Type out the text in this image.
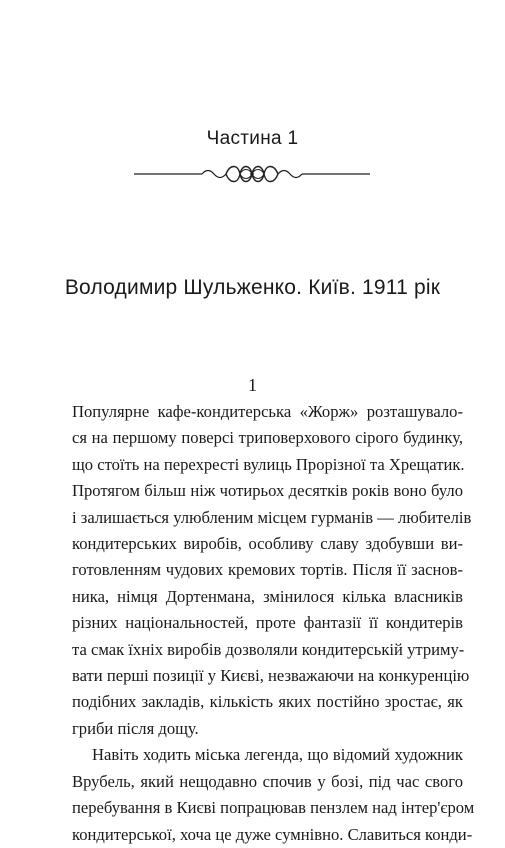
Частина 1
Володимир Шульженко. Київ. 1911 рік
1
Популярне кафе-кондитерська «Жорж» розташувало-
ся на першому поверсі триповерхового сірого будинку,
що стоїть на перехресті вулиць Прорізної та Хрещатик.
Протягом більш ніж чотирьох десятків років воно було
і залишається улюбленим місцем гурманів — любителів
кондитерських виробів, особливу славу здобувши ви-
готовленням чудових кремових тортів. Після її заснов-
ника, німця Дортенмана, змінилося кілька власників
різних національностей, проте фантазії її кондитерів
та смак їхніх виробів дозволяли кондитерській утриму-
вати перші позиції у Києві, незважаючи на конкуренцію
подібних закладів, кількість яких постійно зростає, як
гриби після дощу.
Навіть ходить міська легенда, що відомий художник
Врубель, який нещодавно спочив у бозі, під час свого
перебування в Києві попрацював пензлем над інтер'єром
кондитерської, хоча це дуже сумнівно. Славиться конди-
